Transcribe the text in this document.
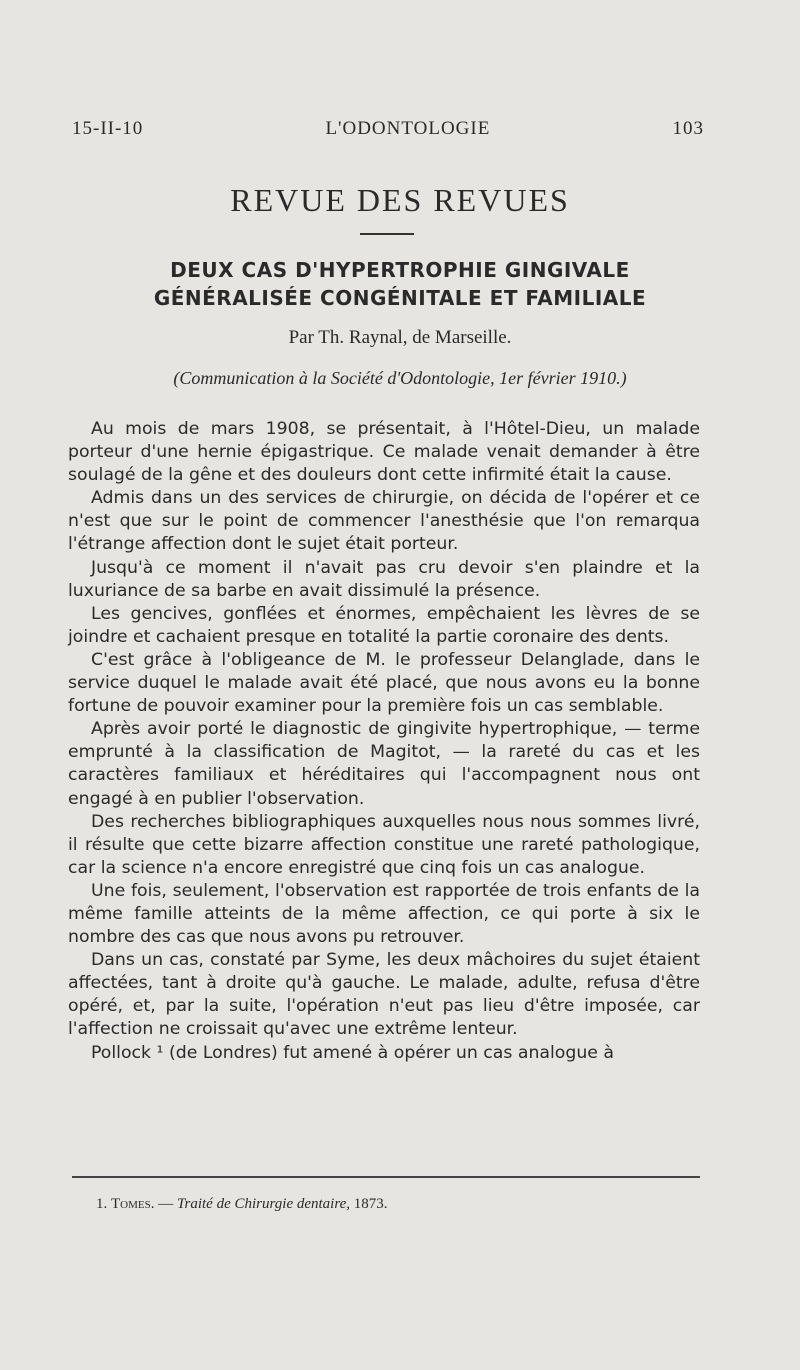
15-II-10	L'ODONTOLOGIE	103
REVUE DES REVUES
DEUX CAS D'HYPERTROPHIE GINGIVALE
GÉNÉRALISÉE CONGÉNITALE ET FAMILIALE
Par Th. Raynal, de Marseille.
(Communication à la Société d'Odontologie, 1er février 1910.)

Au mois de mars 1908, se présentait, à l'Hôtel-Dieu, un malade porteur d'une hernie épigastrique. Ce malade venait demander à être soulagé de la gêne et des douleurs dont cette infirmité était la cause.

Admis dans un des services de chirurgie, on décida de l'opérer et ce n'est que sur le point de commencer l'anesthésie que l'on remarqua l'étrange affection dont le sujet était porteur.

Jusqu'à ce moment il n'avait pas cru devoir s'en plaindre et la luxuriance de sa barbe en avait dissimulé la présence.

Les gencives, gonflées et énormes, empêchaient les lèvres de se joindre et cachaient presque en totalité la partie coronaire des dents.

C'est grâce à l'obligeance de M. le professeur Delanglade, dans le service duquel le malade avait été placé, que nous avons eu la bonne fortune de pouvoir examiner pour la première fois un cas semblable.

Après avoir porté le diagnostic de gingivite hypertrophique, — terme emprunté à la classification de Magitot, — la rareté du cas et les caractères familiaux et héréditaires qui l'accompagnent nous ont engagé à en publier l'observation.

Des recherches bibliographiques auxquelles nous nous sommes livré, il résulte que cette bizarre affection constitue une rareté pathologique, car la science n'a encore enregistré que cinq fois un cas analogue.

Une fois, seulement, l'observation est rapportée de trois enfants de la même famille atteints de la même affection, ce qui porte à six le nombre des cas que nous avons pu retrouver.

Dans un cas, constaté par Syme, les deux mâchoires du sujet étaient affectées, tant à droite qu'à gauche. Le malade, adulte, refusa d'être opéré, et, par la suite, l'opération n'eut pas lieu d'être imposée, car l'affection ne croissait qu'avec une extrême lenteur.

Pollock ¹ (de Londres) fut amené à opérer un cas analogue à

1. Tomes. — Traité de Chirurgie dentaire, 1873.
